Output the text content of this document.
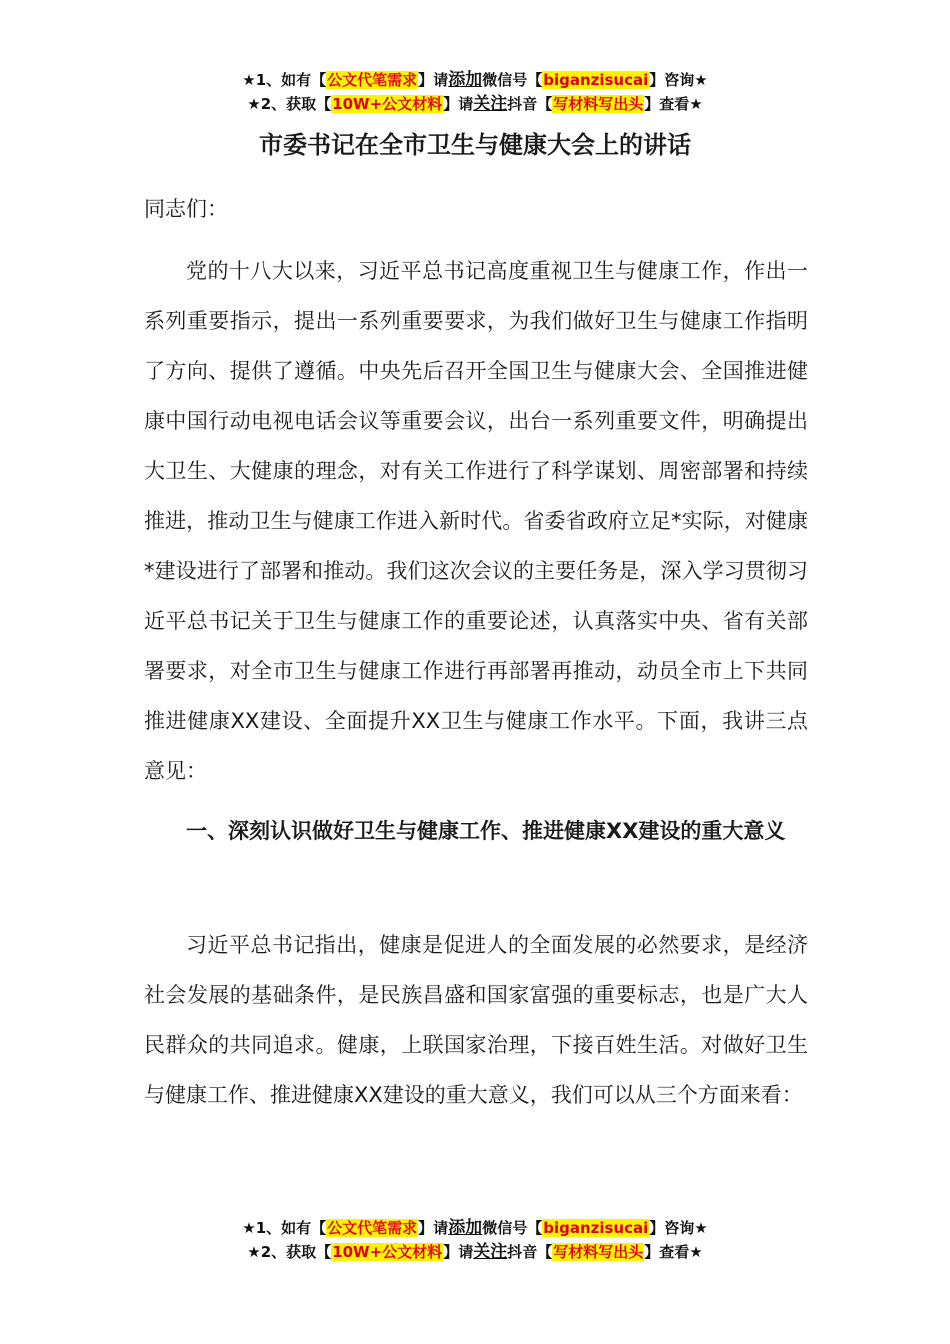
★1、如有【公文代笔需求】请添加微信号【biganzisucai】咨询★
★2、获取【10W+公文材料】请关注抖音【写材料写出头】查看★
市委书记在全市卫生与健康大会上的讲话

同志们：

党的十八大以来，习近平总书记高度重视卫生与健康工作，作出一系列重要指示，提出一系列重要要求，为我们做好卫生与健康工作指明了方向、提供了遵循。中央先后召开全国卫生与健康大会、全国推进健康中国行动电视电话会议等重要会议，出台一系列重要文件，明确提出大卫生、大健康的理念，对有关工作进行了科学谋划、周密部署和持续推进，推动卫生与健康工作进入新时代。省委省政府立足*实际，对健康*建设进行了部署和推动。我们这次会议的主要任务是，深入学习贯彻习近平总书记关于卫生与健康工作的重要论述，认真落实中央、省有关部署要求，对全市卫生与健康工作进行再部署再推动，动员全市上下共同推进健康XX建设、全面提升XX卫生与健康工作水平。下面，我讲三点意见：

一、深刻认识做好卫生与健康工作、推进健康XX建设的重大意义

习近平总书记指出，健康是促进人的全面发展的必然要求，是经济社会发展的基础条件，是民族昌盛和国家富强的重要标志，也是广大人民群众的共同追求。健康，上联国家治理，下接百姓生活。对做好卫生与健康工作、推进健康XX建设的重大意义，我们可以从三个方面来看：

★1、如有【公文代笔需求】请添加微信号【biganzisucai】咨询★
★2、获取【10W+公文材料】请关注抖音【写材料写出头】查看★
